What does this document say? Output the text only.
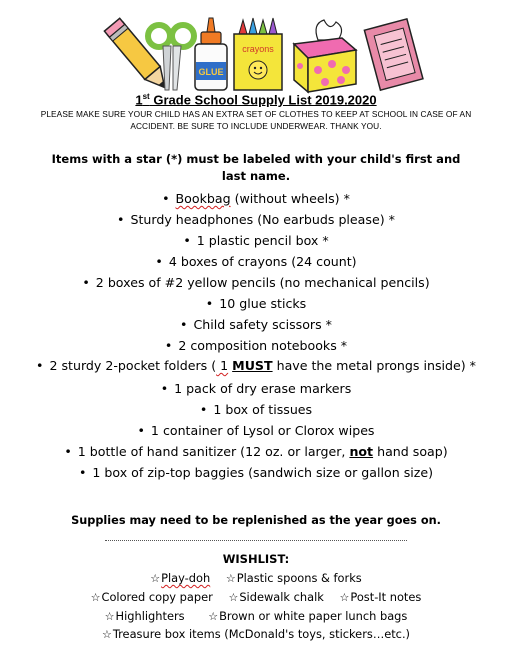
GLUE
crayons
1st Grade School Supply List 2019.2020
PLEASE MAKE SURE YOUR CHILD HAS AN EXTRA SET OF CLOTHES TO KEEP AT SCHOOL IN CASE OF AN ACCIDENT. BE SURE TO INCLUDE UNDERWEAR. THANK YOU.
Items with a star (*) must be labeled with your child's first and last name.
• Bookbag (without wheels) *
• Sturdy headphones (No earbuds please) *
• 1 plastic pencil box *
• 4 boxes of crayons (24 count)
• 2 boxes of #2 yellow pencils (no mechanical pencils)
• 10 glue sticks
• Child safety scissors *
• 2 composition notebooks *
• 2 sturdy 2-pocket folders ( 1 MUST have the metal prongs inside) *
• 1 pack of dry erase markers
• 1 box of tissues
• 1 container of Lysol or Clorox wipes
• 1 bottle of hand sanitizer (12 oz. or larger, not hand soap)
• 1 box of zip-top baggies (sandwich size or gallon size)
Supplies may need to be replenished as the year goes on.
WISHLIST:
☆Play-doh ☆Plastic spoons & forks
☆Colored copy paper ☆Sidewalk chalk ☆Post-It notes
☆Highlighters ☆Brown or white paper lunch bags
☆Treasure box items (McDonald's toys, stickers…etc.)
